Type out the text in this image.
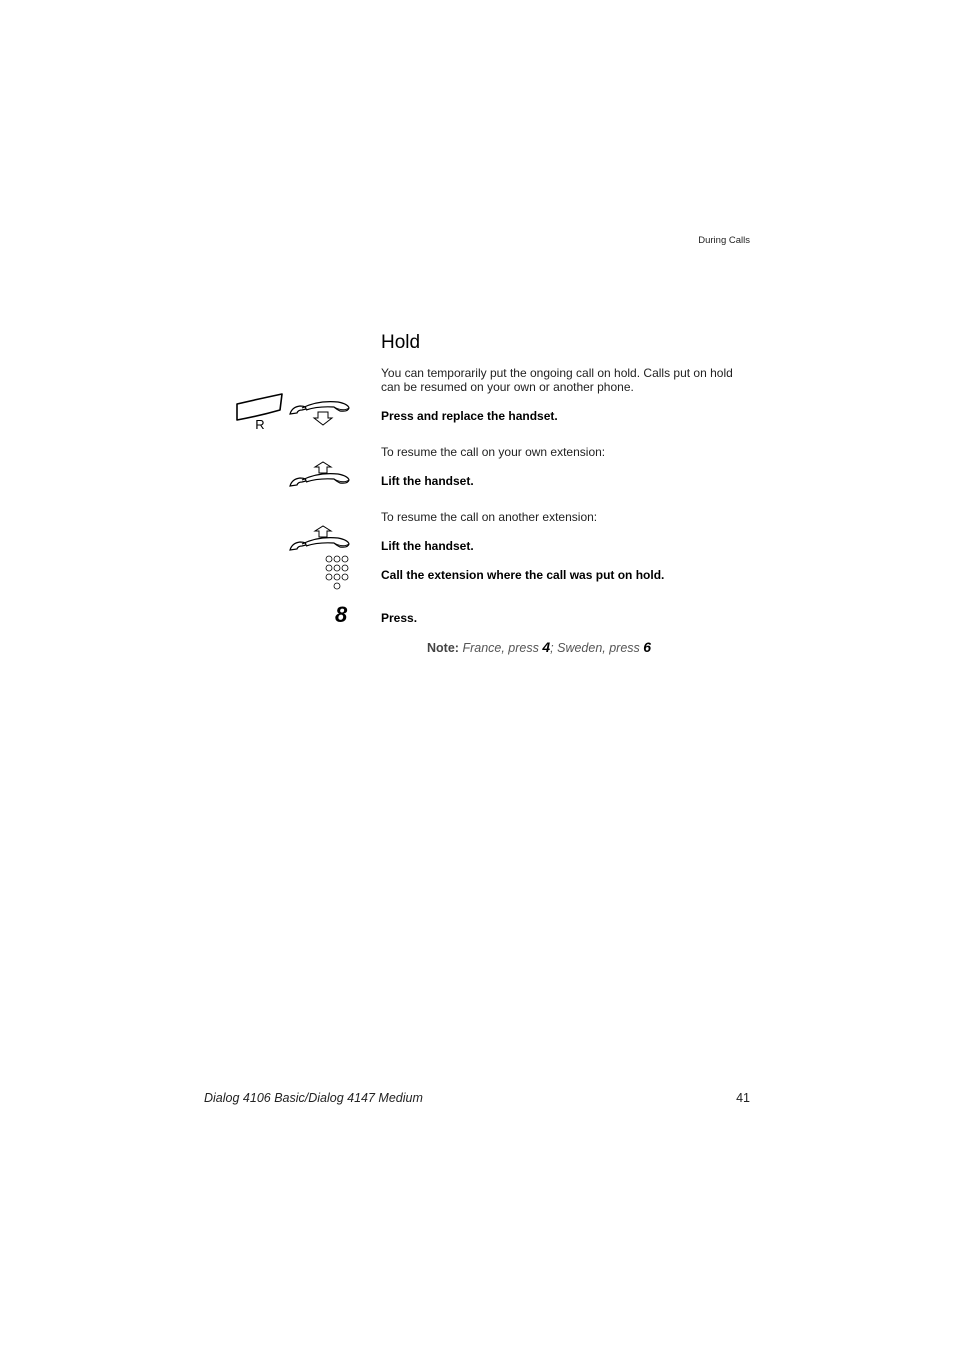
During Calls
Hold
You can temporarily put the ongoing call on hold. Calls put on hold can be resumed on your own or another phone.
R
Press and replace the handset.
To resume the call on your own extension:
Lift the handset.
To resume the call on another extension:
Lift the handset.
Call the extension where the call was put on hold.
8	Press.
Note: France, press 4; Sweden, press 6
Dialog 4106 Basic/Dialog 4147 Medium	41
